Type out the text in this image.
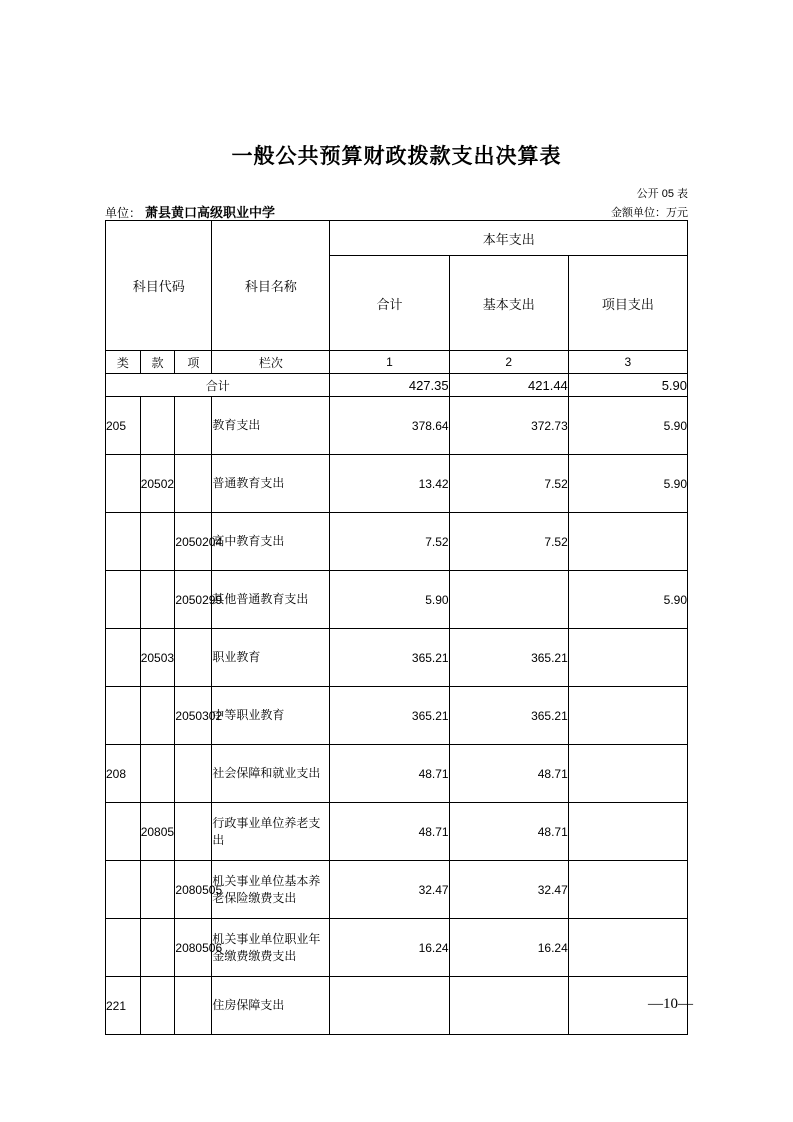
一般公共预算财政拨款支出决算表
公开 05 表
单位： 萧县黄口高级职业中学	金额单位：万元
科目代码			科目名称	本年支出		
				合计	基本支出	项目支出
类	款	项	栏次	1	2	3
合计				427.35	421.44	5.90
205			教育支出	378.64	372.73	5.90
	20502		普通教育支出	13.42	7.52	5.90
		2050204	高中教育支出	7.52	7.52	
		2050299	其他普通教育支出	5.90		5.90
	20503		职业教育	365.21	365.21	
		2050302	中等职业教育	365.21	365.21	
208			社会保障和就业支出	48.71	48.71	
	20805		行政事业单位养老支出	48.71	48.71	
		2080505	机关事业单位基本养老保险缴费支出	32.47	32.47	
		2080506	机关事业单位职业年金缴费缴费支出	16.24	16.24	
221			住房保障支出				—10—
